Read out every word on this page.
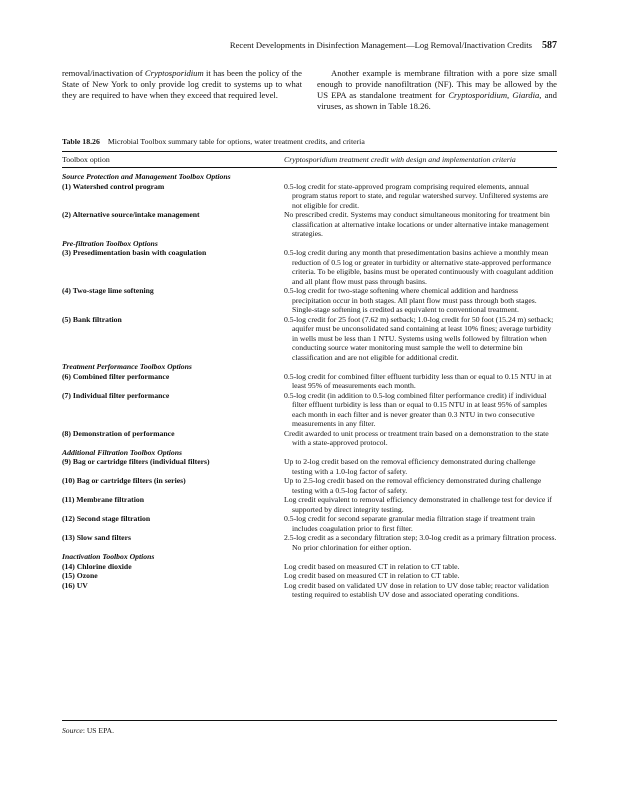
Recent Developments in Disinfection Management—Log Removal/Inactivation Credits 587
removal/inactivation of Cryptosporidium it has been the policy of the State of New York to only provide log credit to systems up to what they are required to have when they exceed that required level.
Another example is membrane filtration with a pore size small enough to provide nanofiltration (NF). This may be allowed by the US EPA as standalone treatment for Cryptosporidium, Giardia, and viruses, as shown in Table 18.26.
Table 18.26 Microbial Toolbox summary table for options, water treatment credits, and criteria
Toolbox option	Cryptosporidium treatment credit with design and implementation criteria
Source Protection and Management Toolbox Options
(1) Watershed control program	0.5-log credit for state-approved program comprising required elements, annual program status report to state, and regular watershed survey. Unfiltered systems are not eligible for credit.
(2) Alternative source/intake management	No prescribed credit. Systems may conduct simultaneous monitoring for treatment bin classification at alternative intake locations or under alternative intake management strategies.
Pre-filtration Toolbox Options
(3) Presedimentation basin with coagulation	0.5-log credit during any month that presedimentation basins achieve a monthly mean reduction of 0.5 log or greater in turbidity or alternative state-approved performance criteria. To be eligible, basins must be operated continuously with coagulant addition and all plant flow must pass through basins.
(4) Two-stage lime softening	0.5-log credit for two-stage softening where chemical addition and hardness precipitation occur in both stages. All plant flow must pass through both stages. Single-stage softening is credited as equivalent to conventional treatment.
(5) Bank filtration	0.5-log credit for 25 foot (7.62 m) setback; 1.0-log credit for 50 foot (15.24 m) setback; aquifer must be unconsolidated sand containing at least 10% fines; average turbidity in wells must be less than 1 NTU. Systems using wells followed by filtration when conducting source water monitoring must sample the well to determine bin classification and are not eligible for additional credit.
Treatment Performance Toolbox Options
(6) Combined filter performance	0.5-log credit for combined filter effluent turbidity less than or equal to 0.15 NTU in at least 95% of measurements each month.
(7) Individual filter performance	0.5-log credit (in addition to 0.5-log combined filter performance credit) if individual filter effluent turbidity is less than or equal to 0.15 NTU in at least 95% of samples each month in each filter and is never greater than 0.3 NTU in two consecutive measurements in any filter.
(8) Demonstration of performance	Credit awarded to unit process or treatment train based on a demonstration to the state with a state-approved protocol.
Additional Filtration Toolbox Options
(9) Bag or cartridge filters (individual filters)	Up to 2-log credit based on the removal efficiency demonstrated during challenge testing with a 1.0-log factor of safety.
(10) Bag or cartridge filters (in series)	Up to 2.5-log credit based on the removal efficiency demonstrated during challenge testing with a 0.5-log factor of safety.
(11) Membrane filtration	Log credit equivalent to removal efficiency demonstrated in challenge test for device if supported by direct integrity testing.
(12) Second stage filtration	0.5-log credit for second separate granular media filtration stage if treatment train includes coagulation prior to first filter.
(13) Slow sand filters	2.5-log credit as a secondary filtration step; 3.0-log credit as a primary filtration process. No prior chlorination for either option.
Inactivation Toolbox Options
(14) Chlorine dioxide	Log credit based on measured CT in relation to CT table.
(15) Ozone	Log credit based on measured CT in relation to CT table.
(16) UV	Log credit based on validated UV dose in relation to UV dose table; reactor validation testing required to establish UV dose and associated operating conditions.
Source: US EPA.
